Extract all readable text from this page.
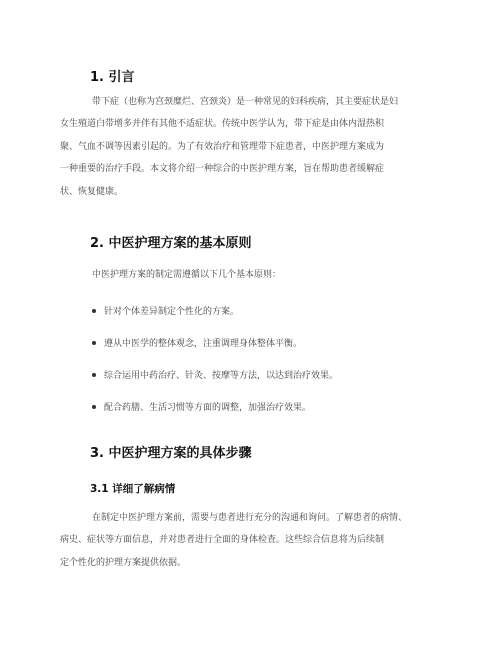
1. 引言
带下症（也称为宫颈糜烂、宫颈炎）是一种常见的妇科疾病，其主要症状是妇
女生殖道白带增多并伴有其他不适症状。传统中医学认为，带下症是由体内湿热积
聚、气血不调等因素引起的。为了有效治疗和管理带下症患者，中医护理方案成为
一种重要的治疗手段。本文将介绍一种综合的中医护理方案，旨在帮助患者缓解症
状、恢复健康。
2. 中医护理方案的基本原则
中医护理方案的制定需遵循以下几个基本原则：
针对个体差异制定个性化的方案。
遵从中医学的整体观念，注重调理身体整体平衡。
综合运用中药治疗、针灸、按摩等方法，以达到治疗效果。
配合药膳、生活习惯等方面的调整，加强治疗效果。
3. 中医护理方案的具体步骤
3.1 详细了解病情
在制定中医护理方案前，需要与患者进行充分的沟通和询问。了解患者的病情、
病史、症状等方面信息，并对患者进行全面的身体检查。这些综合信息将为后续制
定个性化的护理方案提供依据。
